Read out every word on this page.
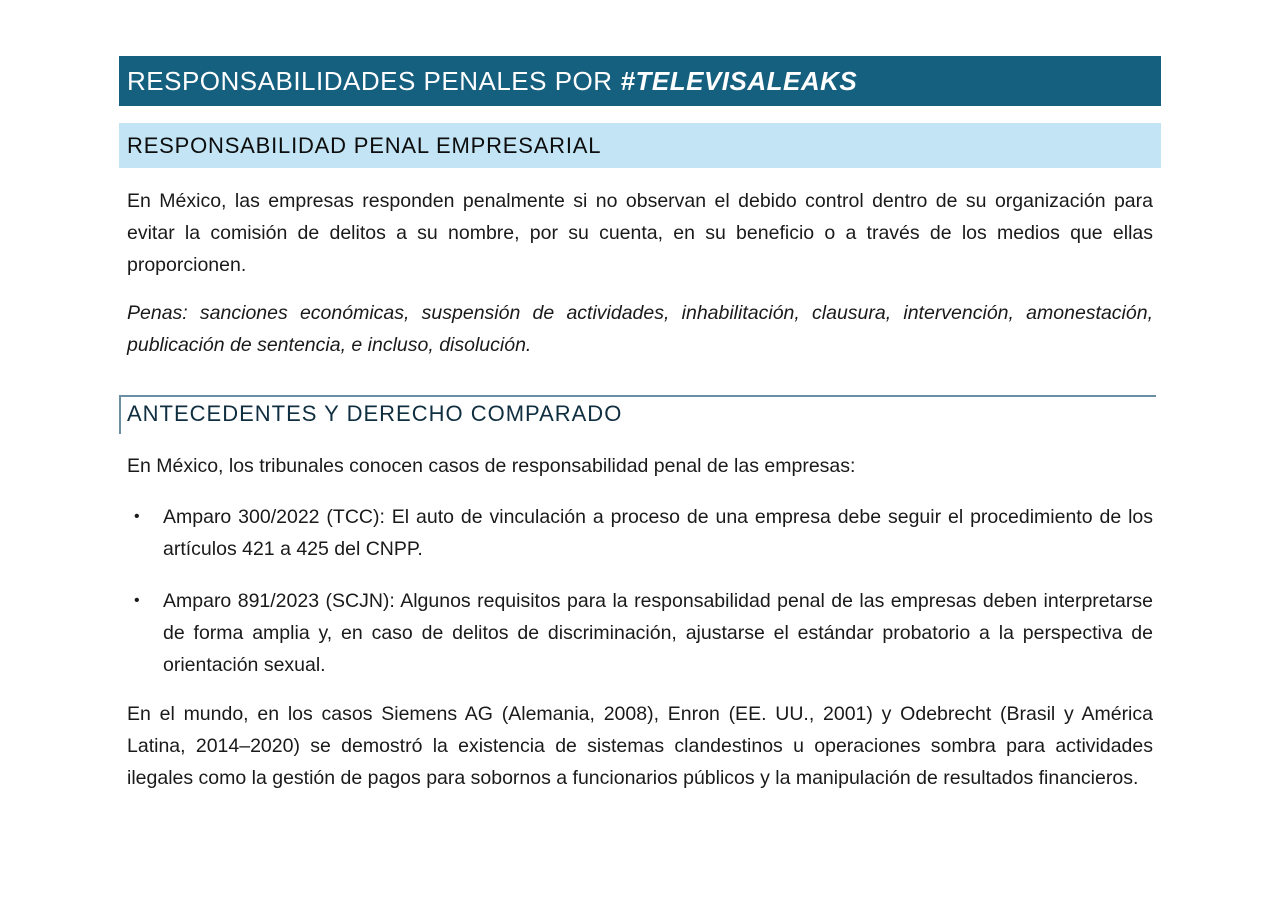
RESPONSABILIDADES PENALES POR #TELEVISALEAKS
RESPONSABILIDAD PENAL EMPRESARIAL

En México, las empresas responden penalmente si no observan el debido control dentro de su organización para evitar la comisión de delitos a su nombre, por su cuenta, en su beneficio o a través de los medios que ellas proporcionen.

Penas: sanciones económicas, suspensión de actividades, inhabilitación, clausura, intervención, amonestación, publicación de sentencia, e incluso, disolución.

ANTECEDENTES Y DERECHO COMPARADO

En México, los tribunales conocen casos de responsabilidad penal de las empresas:

• Amparo 300/2022 (TCC): El auto de vinculación a proceso de una empresa debe seguir el procedimiento de los artículos 421 a 425 del CNPP.
• Amparo 891/2023 (SCJN): Algunos requisitos para la responsabilidad penal de las empresas deben interpretarse de forma amplia y, en caso de delitos de discriminación, ajustarse el estándar probatorio a la perspectiva de orientación sexual.

En el mundo, en los casos Siemens AG (Alemania, 2008), Enron (EE. UU., 2001) y Odebrecht (Brasil y América Latina, 2014–2020) se demostró la existencia de sistemas clandestinos u operaciones sombra para actividades ilegales como la gestión de pagos para sobornos a funcionarios públicos y la manipulación de resultados financieros.
